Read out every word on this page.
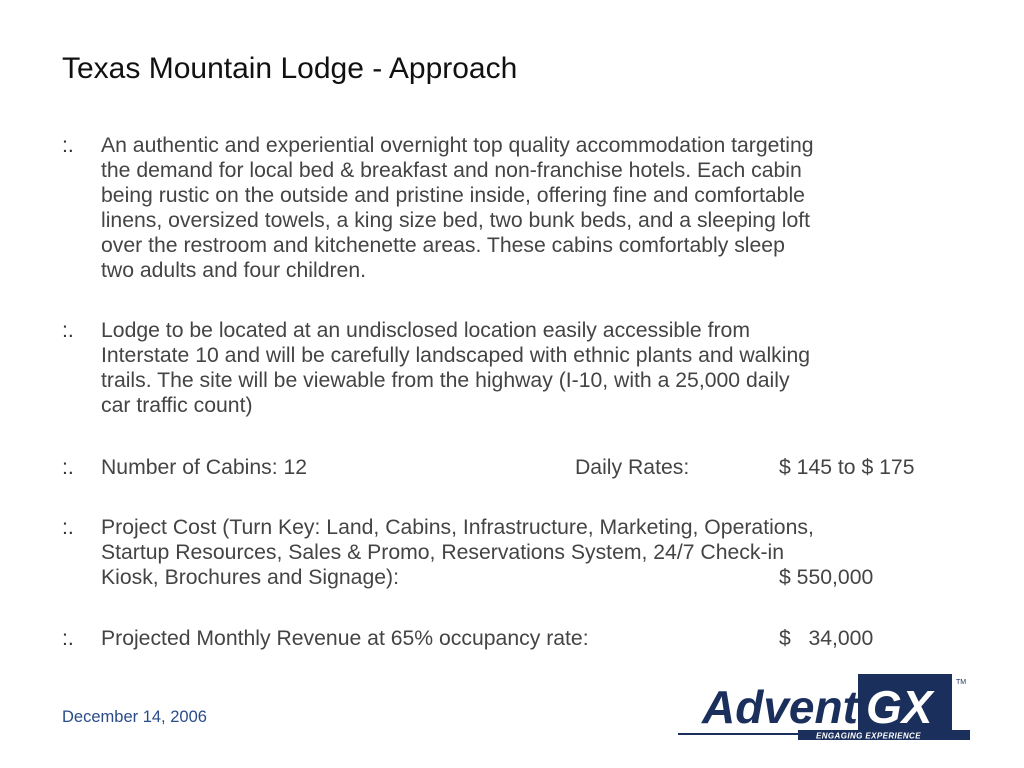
Texas Mountain Lodge - Approach
:. An authentic and experiential overnight top quality accommodation targeting
the demand for local bed & breakfast and non-franchise hotels. Each cabin
being rustic on the outside and pristine inside, offering fine and comfortable
linens, oversized towels, a king size bed, two bunk beds, and a sleeping loft
over the restroom and kitchenette areas. These cabins comfortably sleep
two adults and four children.
:. Lodge to be located at an undisclosed location easily accessible from
Interstate 10 and will be carefully landscaped with ethnic plants and walking
trails. The site will be viewable from the highway (I-10, with a 25,000 daily
car traffic count)
:. Number of Cabins: 12	Daily Rates:	$ 145 to $ 175
:. Project Cost (Turn Key: Land, Cabins, Infrastructure, Marketing, Operations,
Startup Resources, Sales & Promo, Reservations System, 24/7 Check-in
Kiosk, Brochures and Signage):	$ 550,000
:. Projected Monthly Revenue at 65% occupancy rate:	$   34,000
December 14, 2006	Advent GX	TM
ENGAGING EXPERIENCE
